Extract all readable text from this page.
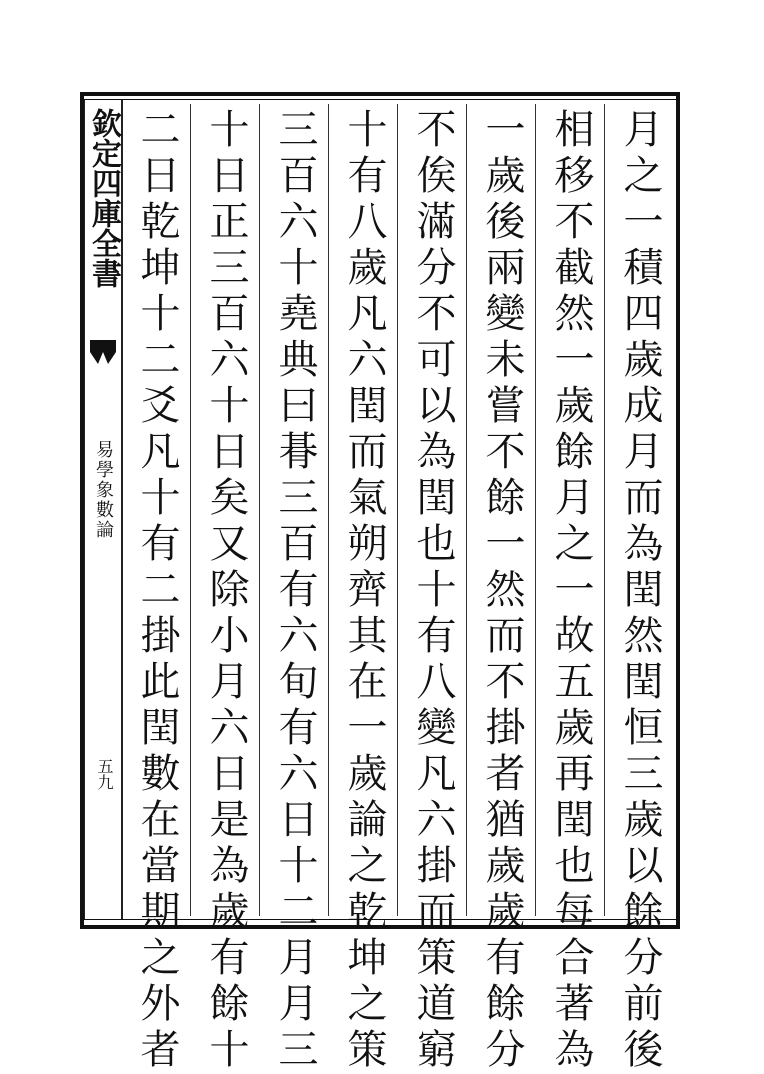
欽定四庫全書
易學象數論
五九	月之一積四歲成月而為閏然閏恒三歲以餘分前後
相移不截然一歲餘月之一故五歲再閏也每合著為
一歲後兩變未嘗不餘一然而不掛者猶歲歲有餘分
不俟滿分不可以為閏也十有八變凡六掛而策道窮
十有八歲凡六閏而氣朔齊其在一歲論之乾坤之策
三百六十堯典曰朞三百有六旬有六日十二月月三
十日正三百六十日矣又除小月六日是為歲有餘十
二日乾坤十二爻凡十有二掛此閏數在當期之外者
